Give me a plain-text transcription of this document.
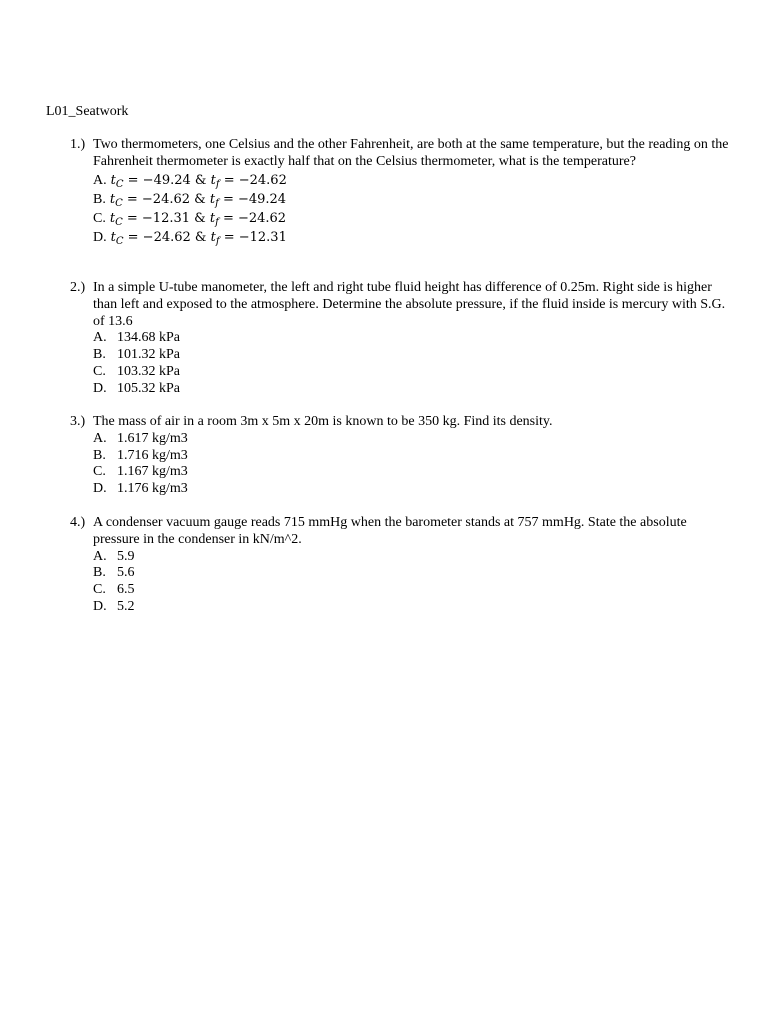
L01_Seatwork
1.) Two thermometers, one Celsius and the other Fahrenheit, are both at the same temperature, but the reading on the Fahrenheit thermometer is exactly half that on the Celsius thermometer, what is the temperature?
A. $t_C = -49.24$ & $t_f = -24.62$
B. $t_C = -24.62$ & $t_f = -49.24$
C. $t_C = -12.31$ & $t_f = -24.62$
D. $t_C = -24.62$ & $t_f = -12.31$
2.) In a simple U-tube manometer, the left and right tube fluid height has difference of 0.25m. Right side is higher than left and exposed to the atmosphere. Determine the absolute pressure, if the fluid inside is mercury with S.G. of 13.6
A. 134.68 kPa
B. 101.32 kPa
C. 103.32 kPa
D. 105.32 kPa
3.) The mass of air in a room 3m x 5m x 20m is known to be 350 kg. Find its density.
A. 1.617 kg/m3
B. 1.716 kg/m3
C. 1.167 kg/m3
D. 1.176 kg/m3
4.) A condenser vacuum gauge reads 715 mmHg when the barometer stands at 757 mmHg. State the absolute pressure in the condenser in kN/m^2.
A. 5.9
B. 5.6
C. 6.5
D. 5.2
